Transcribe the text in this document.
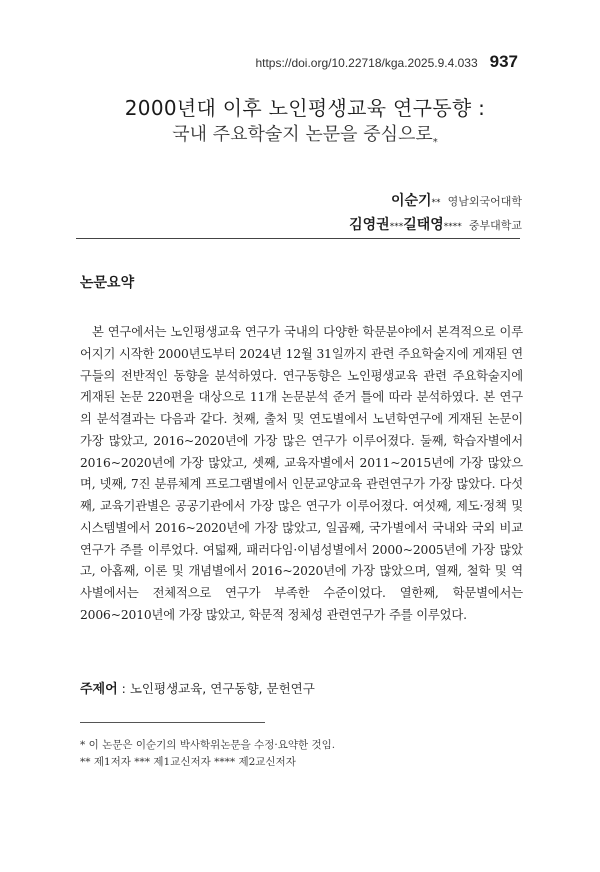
https://doi.org/10.22718/kga.2025.9.4.033 937
2000년대 이후 노인평생교육 연구동향 :
국내 주요학술지 논문을 중심으로*
이순기** 영남외국어대학
김영권***길태영**** 중부대학교
논문요약

본 연구에서는 노인평생교육 연구가 국내의 다양한 학문분야에서 본격적으로 이루어지기 시작한 2000년도부터 2024년 12월 31일까지 관련 주요학술지에 게재된 연구들의 전반적인 동향을 분석하였다. 연구동향은 노인평생교육 관련 주요학술지에 게재된 논문 220편을 대상으로 11개 논문분석 준거 틀에 따라 분석하였다. 본 연구의 분석결과는 다음과 같다. 첫째, 출처 및 연도별에서 노년학연구에 게재된 논문이 가장 많았고, 2016~2020년에 가장 많은 연구가 이루어졌다. 둘째, 학습자별에서 2016~2020년에 가장 많았고, 셋째, 교육자별에서 2011~2015년에 가장 많았으며, 넷째, 7진 분류체계 프로그램별에서 인문교양교육 관련연구가 가장 많았다. 다섯째, 교육기관별은 공공기관에서 가장 많은 연구가 이루어졌다. 여섯째, 제도·정책 및 시스템별에서 2016~2020년에 가장 많았고, 일곱째, 국가별에서 국내와 국외 비교 연구가 주를 이루었다. 여덟째, 패러다임·이념성별에서 2000~2005년에 가장 많았고, 아홉째, 이론 및 개념별에서 2016~2020년에 가장 많았으며, 열째, 철학 및 역사별에서는 전체적으로 연구가 부족한 수준이었다. 열한째, 학문별에서는 2006~2010년에 가장 많았고, 학문적 정체성 관련연구가 주를 이루었다.

주제어 : 노인평생교육, 연구동향, 문헌연구
* 이 논문은 이순기의 박사학위논문을 수정·요약한 것임.
** 제1저자 *** 제1교신저자 **** 제2교신저자
